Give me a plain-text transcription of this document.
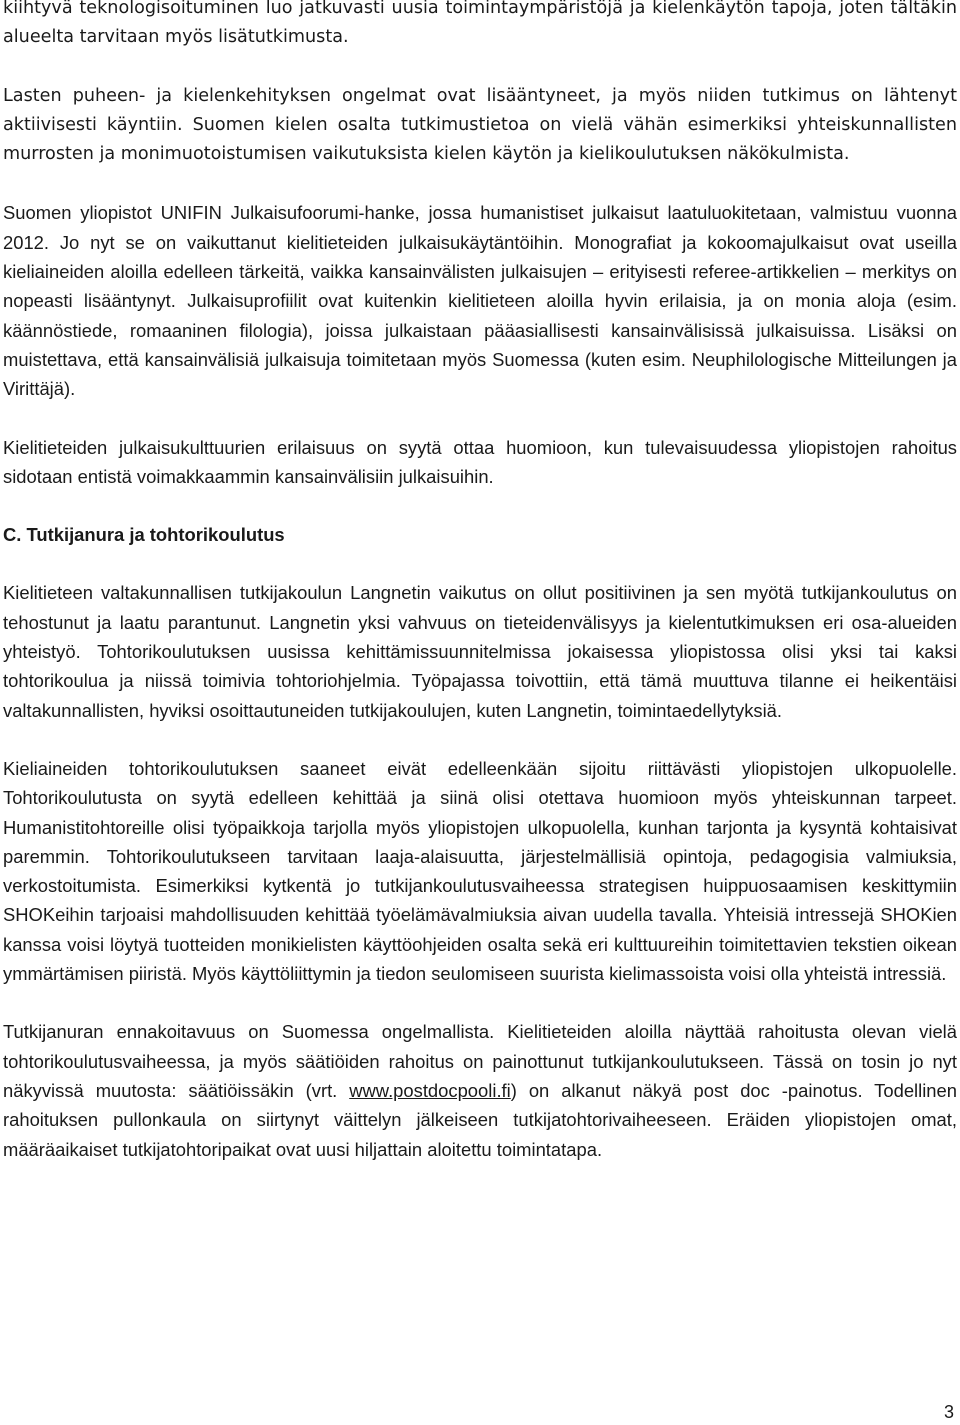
kiihtyvä teknologisoituminen luo jatkuvasti uusia toimintaympäristöjä ja kielenkäytön tapoja, joten tältäkin alueelta tarvitaan myös lisätutkimusta.

Lasten puheen- ja kielenkehityksen ongelmat ovat lisääntyneet, ja myös niiden tutkimus on lähtenyt aktiivisesti käyntiin. Suomen kielen osalta tutkimustietoa on vielä vähän esimerkiksi yhteiskunnallisten murrosten ja monimuotoistumisen vaikutuksista kielen käytön ja kielikoulutuksen näkökulmista.

Suomen yliopistot UNIFIN Julkaisufoorumi-hanke, jossa humanistiset julkaisut laatuluokitetaan, valmistuu vuonna 2012. Jo nyt se on vaikuttanut kielitieteiden julkaisukäytäntöihin. Monografiat ja kokoomajulkaisut ovat useilla kieliaineiden aloilla edelleen tärkeitä, vaikka kansainvälisten julkaisujen – erityisesti referee-artikkelien – merkitys on nopeasti lisääntynyt. Julkaisuprofiilit ovat kuitenkin kielitieteen aloilla hyvin erilaisia, ja on monia aloja (esim. käännöstiede, romaaninen filologia), joissa julkaistaan pääasiallisesti kansainvälisissä julkaisuissa. Lisäksi on muistettava, että kansainvälisiä julkaisuja toimitetaan myös Suomessa (kuten esim. Neuphilologische Mitteilungen ja Virittäjä).

Kielitieteiden julkaisukulttuurien erilaisuus on syytä ottaa huomioon, kun tulevaisuudessa yliopistojen rahoitus sidotaan entistä voimakkaammin kansainvälisiin julkaisuihin.

C. Tutkijanura ja tohtorikoulutus

Kielitieteen valtakunnallisen tutkijakoulun Langnetin vaikutus on ollut positiivinen ja sen myötä tutkijankoulutus on tehostunut ja laatu parantunut. Langnetin yksi vahvuus on tieteidenvälisyys ja kielentutkimuksen eri osa-alueiden yhteistyö. Tohtorikoulutuksen uusissa kehittämissuunnitelmissa jokaisessa yliopistossa olisi yksi tai kaksi tohtorikoulua ja niissä toimivia tohtoriohjelmia. Työpajassa toivottiin, että tämä muuttuva tilanne ei heikentäisi valtakunnallisten, hyviksi osoittautuneiden tutkijakoulujen, kuten Langnetin, toimintaedellytyksiä.

Kieliaineiden tohtorikoulutuksen saaneet eivät edelleenkään sijoitu riittävästi yliopistojen ulkopuolelle. Tohtorikoulutusta on syytä edelleen kehittää ja siinä olisi otettava huomioon myös yhteiskunnan tarpeet. Humanistitohtoreille olisi työpaikkoja tarjolla myös yliopistojen ulkopuolella, kunhan tarjonta ja kysyntä kohtaisivat paremmin. Tohtorikoulutukseen tarvitaan laaja-alaisuutta, järjestelmällisiä opintoja, pedagogisia valmiuksia, verkostoitumista. Esimerkiksi kytkentä jo tutkijankoulutusvaiheessa strategisen huippuosaamisen keskittymiin SHOKeihin tarjoaisi mahdollisuuden kehittää työelämävalmiuksia aivan uudella tavalla. Yhteisiä intressejä SHOKien kanssa voisi löytyä tuotteiden monikielisten käyttöohjeiden osalta sekä eri kulttuureihin toimitettavien tekstien oikean ymmärtämisen piiristä. Myös käyttöliittymin ja tiedon seulomiseen suurista kielimassoista voisi olla yhteistä intressiä.

Tutkijanuran ennakoitavuus on Suomessa ongelmallista. Kielitieteiden aloilla näyttää rahoitusta olevan vielä tohtorikoulutusvaiheessa, ja myös säätiöiden rahoitus on painottunut tutkijankoulutukseen. Tässä on tosin jo nyt näkyvissä muutosta: säätiöissäkin (vrt. www.postdocpooli.fi) on alkanut näkyä post doc -painotus. Todellinen rahoituksen pullonkaula on siirtynyt väittelyn jälkeiseen tutkijatohtorivaiheeseen. Eräiden yliopistojen omat, määräaikaiset tutkijatohtoripaikat ovat uusi hiljattain aloitettu toimintatapa.

3
